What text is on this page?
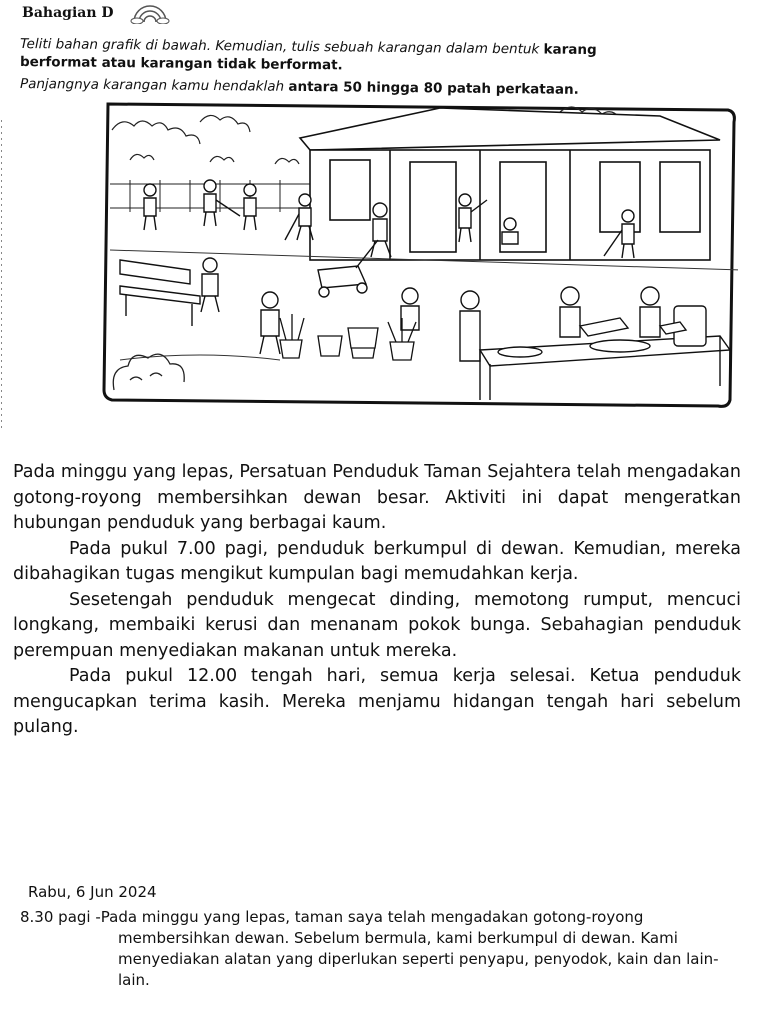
Bahagian D
Teliti bahan grafik di bawah. Kemudian, tulis sebuah karangan dalam bentuk karang
berformat atau karangan tidak berformat.
Panjangnya karangan kamu hendaklah antara 50 hingga 80 patah perkataan.

Pada minggu yang lepas, Persatuan Penduduk Taman Sejahtera telah mengadakan gotong-royong membersihkan dewan besar. Aktiviti ini dapat mengeratkan hubungan penduduk yang berbagai kaum.

Pada pukul 7.00 pagi, penduduk berkumpul di dewan. Kemudian, mereka dibahagikan tugas mengikut kumpulan bagi memudahkan kerja.

Sesetengah penduduk mengecat dinding, memotong rumput, mencuci longkang, membaiki kerusi dan menanam pokok bunga. Sebahagian penduduk perempuan menyediakan makanan untuk mereka.

Pada pukul 12.00 tengah hari, semua kerja selesai. Ketua penduduk mengucapkan terima kasih. Mereka menjamu hidangan tengah hari sebelum pulang.

Rabu, 6 Jun 2024
8.30 pagi -Pada minggu yang lepas, taman saya telah mengadakan gotong-royong
membersihkan dewan. Sebelum bermula, kami berkumpul di dewan. Kami menyediakan alatan yang diperlukan seperti penyapu, penyodok, kain dan lain-lain.
